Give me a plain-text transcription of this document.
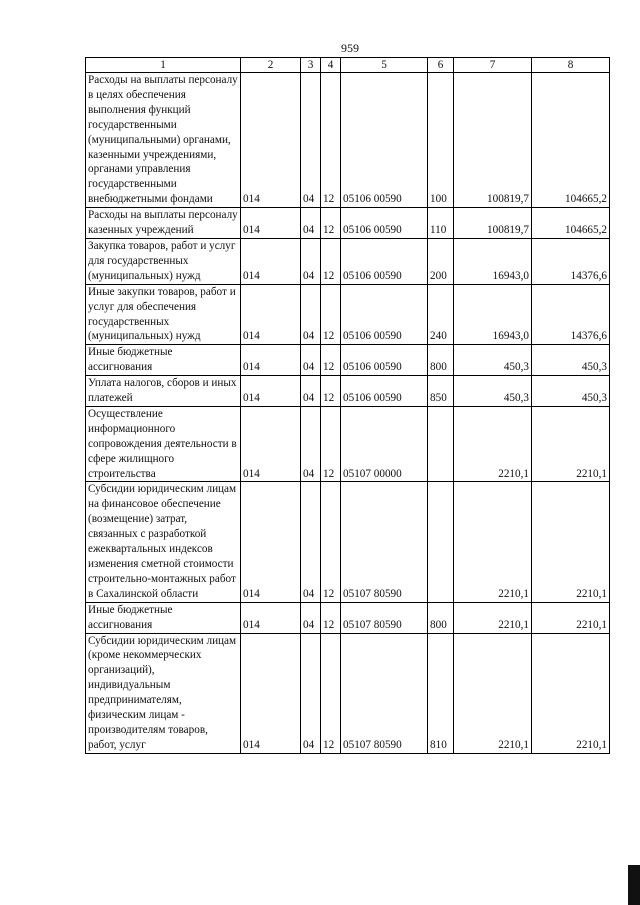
959
1	2	3	4	5	6	7	8
Расходы на выплаты персоналу в целях обеспечения выполнения функций государственными (муниципальными) органами, казенными учреждениями, органами управления государственными внебюджетными фондами	014	04	12	05106 00590	100	100819,7	104665,2
Расходы на выплаты персоналу казенных учреждений	014	04	12	05106 00590	110	100819,7	104665,2
Закупка товаров, работ и услуг для государственных (муниципальных) нужд	014	04	12	05106 00590	200	16943,0	14376,6
Иные закупки товаров, работ и услуг для обеспечения государственных (муниципальных) нужд	014	04	12	05106 00590	240	16943,0	14376,6
Иные бюджетные ассигнования	014	04	12	05106 00590	800	450,3	450,3
Уплата налогов, сборов и иных платежей	014	04	12	05106 00590	850	450,3	450,3
Осуществление информационного сопровождения деятельности в сфере жилищного строительства	014	04	12	05107 00000		2210,1	2210,1
Субсидии юридическим лицам на финансовое обеспечение (возмещение) затрат, связанных с разработкой ежеквартальных индексов изменения сметной стоимости строительно-монтажных работ в Сахалинской области	014	04	12	05107 80590		2210,1	2210,1
Иные бюджетные ассигнования	014	04	12	05107 80590	800	2210,1	2210,1
Субсидии юридическим лицам (кроме некоммерческих организаций), индивидуальным предпринимателям, физическим лицам - производителям товаров, работ, услуг	014	04	12	05107 80590	810	2210,1	2210,1
